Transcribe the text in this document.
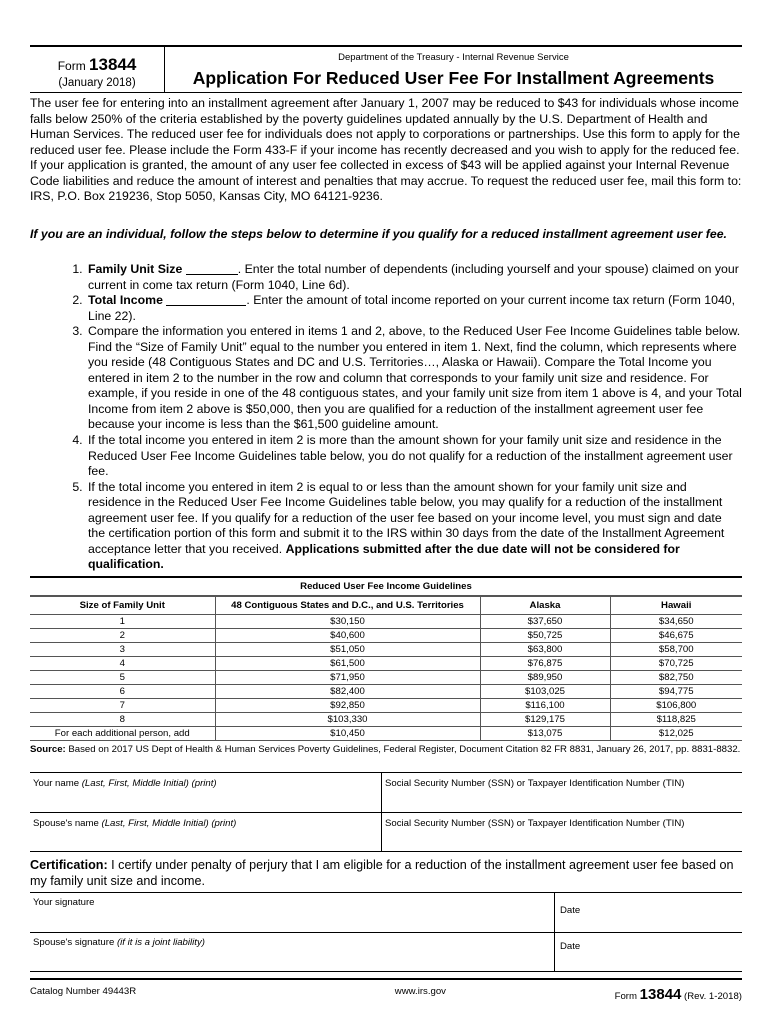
Form 13844
(January 2018)
Department of the Treasury - Internal Revenue Service
Application For Reduced User Fee For Installment Agreements

The user fee for entering into an installment agreement after January 1, 2007 may be reduced to $43 for individuals whose income falls below 250% of the criteria established by the poverty guidelines updated annually by the U.S. Department of Health and Human Services. The reduced user fee for individuals does not apply to corporations or partnerships. Use this form to apply for the reduced user fee. Please include the Form 433-F if your income has recently decreased and you wish to apply for the reduced fee. If your application is granted, the amount of any user fee collected in excess of $43 will be applied against your Internal Revenue Code liabilities and reduce the amount of interest and penalties that may accrue. To request the reduced user fee, mail this form to: IRS, P.O. Box 219236, Stop 5050, Kansas City, MO 64121-9236.

If you are an individual, follow the steps below to determine if you qualify for a reduced installment agreement user fee.

1. Family Unit Size	. Enter the total number of dependents (including yourself and your spouse) claimed on your current in come tax return (Form 1040, Line 6d).
2. Total Income	. Enter the amount of total income reported on your current income tax return (Form 1040, Line 22).
3. Compare the information you entered in items 1 and 2, above, to the Reduced User Fee Income Guidelines table below. Find the “Size of Family Unit” equal to the number you entered in item 1. Next, find the column, which represents where you reside (48 Contiguous States and DC and U.S. Territories…, Alaska or Hawaii). Compare the Total Income you entered in item 2 to the number in the row and column that corresponds to your family unit size and residence. For example, if you reside in one of the 48 contiguous states, and your family unit size from item 1 above is 4, and your Total Income from item 2 above is $50,000, then you are qualified for a reduction of the installment agreement user fee because your income is less than the $61,500 guideline amount.
4. If the total income you entered in item 2 is more than the amount shown for your family unit size and residence in the Reduced User Fee Income Guidelines table below, you do not qualify for a reduction of the installment agreement user fee.
5. If the total income you entered in item 2 is equal to or less than the amount shown for your family unit size and residence in the Reduced User Fee Income Guidelines table below, you may qualify for a reduction of the installment agreement user fee. If you qualify for a reduction of the user fee based on your income level, you must sign and date the certification portion of this form and submit it to the IRS within 30 days from the date of the Installment Agreement acceptance letter that you received. Applications submitted after the due date will not be considered for qualification.
Reduced User Fee Income Guidelines
Size of Family Unit	48 Contiguous States and D.C., and U.S. Territories	Alaska	Hawaii
1	$30,150	$37,650	$34,650
2	$40,600	$50,725	$46,675
3	$51,050	$63,800	$58,700
4	$61,500	$76,875	$70,725
5	$71,950	$89,950	$82,750
6	$82,400	$103,025	$94,775
7	$92,850	$116,100	$106,800
8	$103,330	$129,175	$118,825
For each additional person, add	$10,450	$13,075	$12,025

Source: Based on 2017 US Dept of Health & Human Services Poverty Guidelines, Federal Register, Document Citation 82 FR 8831, January 26, 2017, pp. 8831-8832.

Your name (Last, First, Middle Initial) (print)	Social Security Number (SSN) or Taxpayer Identification Number (TIN)
Spouse's name (Last, First, Middle Initial) (print)	Social Security Number (SSN) or Taxpayer Identification Number (TIN)

Certification: I certify under penalty of perjury that I am eligible for a reduction of the installment agreement user fee based on my family unit size and income.

Your signature
Date
Spouse's signature (if it is a joint liability)	Date
Catalog Number 49443R	www.irs.gov	Form 13844 (Rev. 1-2018)
